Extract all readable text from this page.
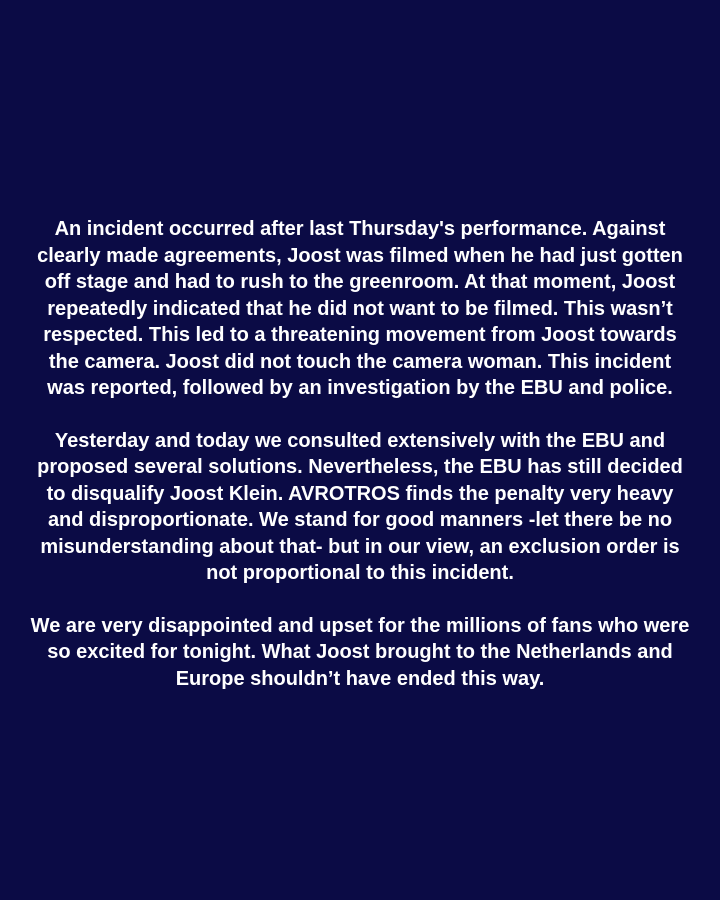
An incident occurred after last Thursday's performance. Against clearly made agreements, Joost was filmed when he had just gotten off stage and had to rush to the greenroom. At that moment, Joost repeatedly indicated that he did not want to be filmed. This wasn’t respected. This led to a threatening movement from Joost towards the camera. Joost did not touch the camera woman. This incident was reported, followed by an investigation by the EBU and police.

Yesterday and today we consulted extensively with the EBU and proposed several solutions. Nevertheless, the EBU has still decided to disqualify Joost Klein. AVROTROS finds the penalty very heavy and disproportionate. We stand for good manners -let there be no misunderstanding about that- but in our view, an exclusion order is not proportional to this incident.

We are very disappointed and upset for the millions of fans who were so excited for tonight. What Joost brought to the Netherlands and Europe shouldn’t have ended this way.
